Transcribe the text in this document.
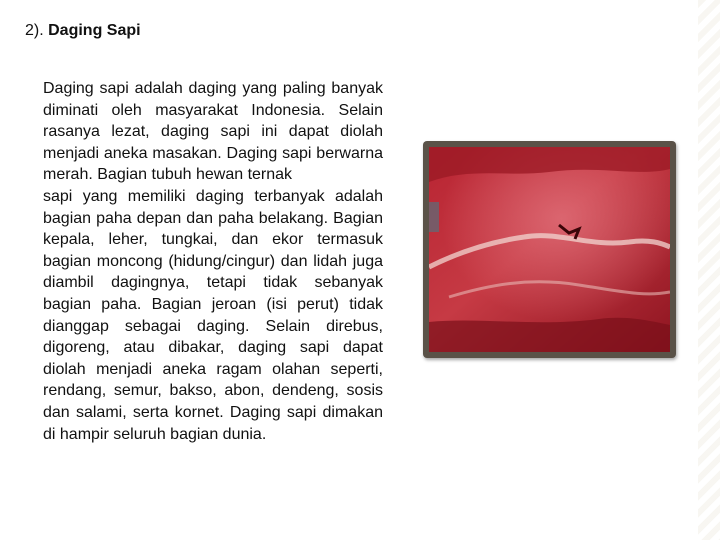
2). Daging Sapi

Daging sapi adalah daging yang paling banyak diminati oleh masyarakat Indonesia. Selain rasanya lezat, daging sapi ini dapat diolah menjadi aneka masakan. Daging sapi berwarna merah. Bagian tubuh hewan ternak

sapi yang memiliki daging terbanyak adalah bagian paha depan dan paha belakang. Bagian kepala, leher, tungkai, dan ekor termasuk bagian moncong (hidung/cingur) dan lidah juga diambil dagingnya, tetapi tidak sebanyak bagian paha. Bagian jeroan (isi perut) tidak dianggap sebagai daging. Selain direbus, digoreng, atau dibakar, daging sapi dapat diolah menjadi aneka ragam olahan seperti, rendang, semur, bakso, abon, dendeng, sosis dan salami, serta kornet. Daging sapi dimakan di hampir seluruh bagian dunia.
